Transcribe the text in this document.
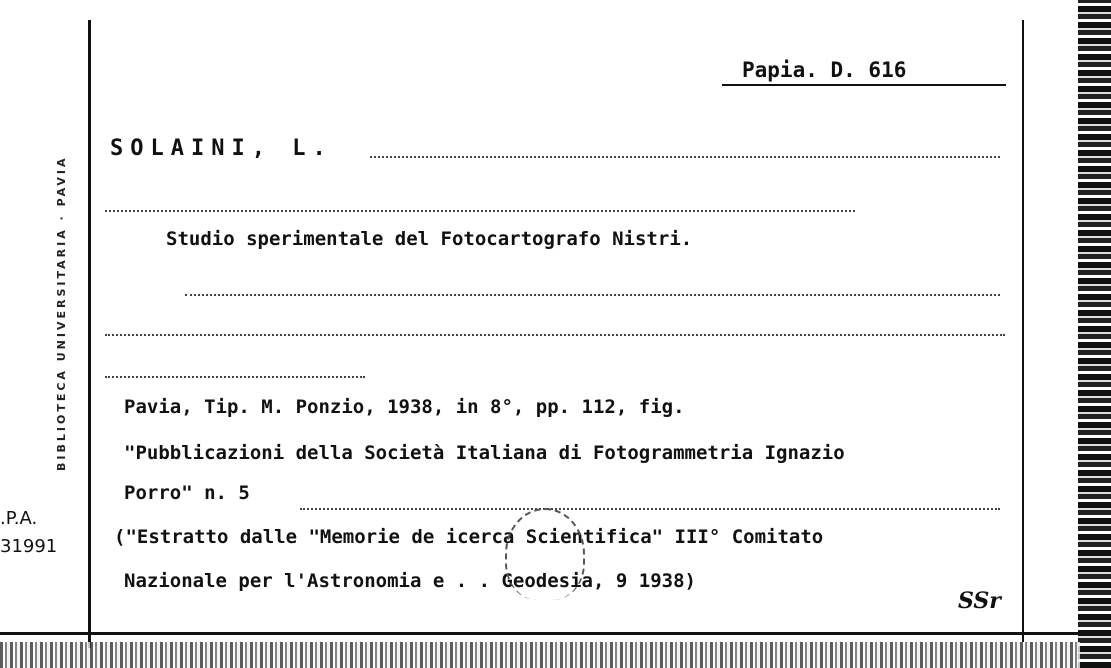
BIBLIOTECA UNIVERSITARIA · PAVIA
Papia. D. 616
SOLAINI, L.
Studio sperimentale del Fotocartografo Nistri.
Pavia, Tip. M. Ponzio, 1938, in 8°, pp. 112, fig.
"Pubblicazioni della Società Italiana di Fotogrammetria Ignazio
Porro" n. 5
("Estratto dalle "Memorie de icerca Scientifica" III° Comitato
Nazionale per l'Astronomia e . . Geodesia, 9 1938)
.P.A.
31991
SSr
